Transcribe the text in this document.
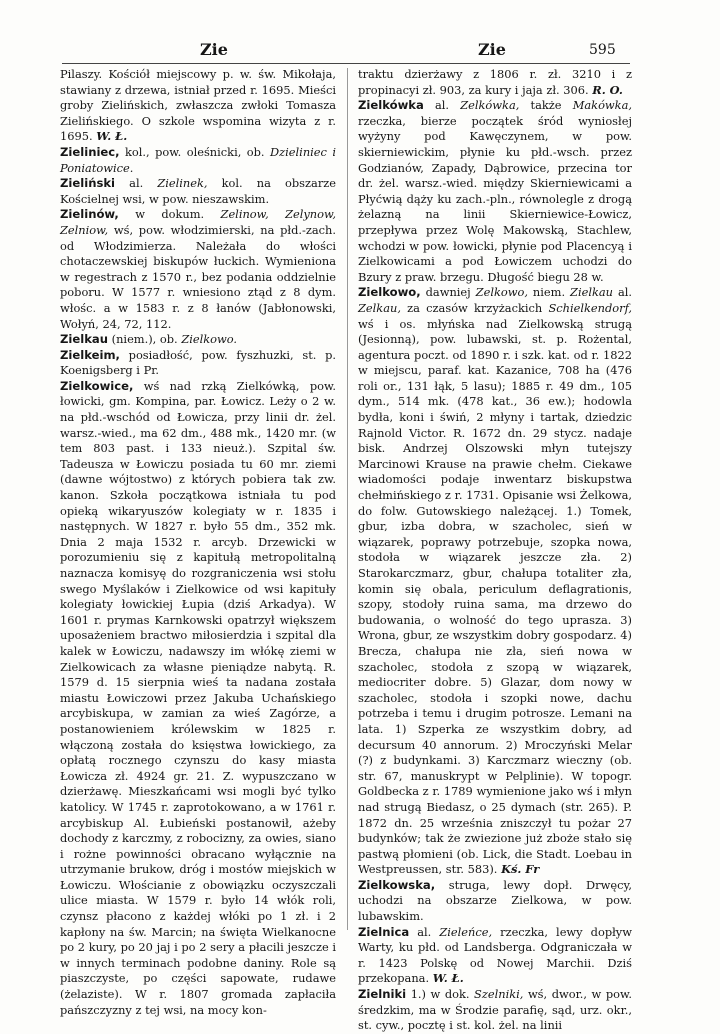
Zie	Zie	595

Pilaszy. Kościół miejscowy p. w. św. Mikołaja, stawiany z drzewa, istniał przed r. 1695. Mieści groby Zielińskich, zwłaszcza zwłoki Tomasza Zielińskiego. O szkole wspomina wizyta z r. 1695. W. Ł.

Zieliniec, kol., pow. oleśnicki, ob. Dzieliniec i Poniatowice.

Zieliński al. Zielinek, kol. na obszarze Kościelnej wsi, w pow. nieszawskim.

Zielinów, w dokum. Zelinow, Zelynow, Zelniow, wś, pow. włodzimierski, na płd.-zach. od Włodzimierza. Należała do włości chotaczewskiej biskupów łuckich. Wymieniona w regestrach z 1570 r., bez podania oddzielnie poboru. W 1577 r. wniesiono ztąd z 8 dym. włośc. a w 1583 r. z 8 łanów (Jabłonowski, Wołyń, 24, 72, 112.

Zielkau (niem.), ob. Zielkowo.

Zielkeim, posiadłość, pow. fyszhuzki, st. p. Koenigsberg i Pr.

Zielkowice, wś nad rzką Zielkówką, pow. łowicki, gm. Kompina, par. Łowicz. Leży o 2 w. na płd.-wschód od Łowicza, przy linii dr. żel. warsz.-wied., ma 62 dm., 488 mk., 1420 mr. (w tem 803 past. i 133 nieuż.). Szpital św. Tadeusza w Łowiczu posiada tu 60 mr. ziemi (dawne wójtostwo) z których pobiera tak zw. kanon. Szkoła początkowa istniała tu pod opieką wikaryuszów kolegiaty w r. 1835 i następnych. W 1827 r. było 55 dm., 352 mk. Dnia 2 maja 1532 r. arcyb. Drzewicki w porozumieniu się z kapitułą metropolitalną naznacza komisyę do rozgraniczenia wsi stołu swego Myślaków i Zielkowice od wsi kapituły kolegiaty łowickiej Łupia (dziś Arkadya). W 1601 r. prymas Karnkowski opatrzył większem uposażeniem bractwo miłosierdzia i szpital dla kalek w Łowiczu, nadawszy im włókę ziemi w Zielkowicach za własne pieniądze nabytą. R. 1579 d. 15 sierpnia wieś ta nadana została miastu Łowiczowi przez Jakuba Uchańskiego arcybiskupa, w zamian za wieś Zagórze, a postanowieniem królewskim w 1825 r. włączoną została do księstwa łowickiego, za opłatą rocznego czynszu do kasy miasta Łowicza zł. 4924 gr. 21. Z. wypuszczano w dzierżawę. Mieszkańcami wsi mogli być tylko katolicy. W 1745 r. zaprotokowano, a w 1761 r. arcybiskup Al. Łubieński postanowił, ażeby dochody z karczmy, z robocizny, za owies, siano i rożne powinności obracano wyłącznie na utrzymanie brukow, dróg i mostów miejskich w Łowiczu. Włościanie z obowiązku oczyszczali ulice miasta. W 1579 r. było 14 włók roli, czynsz płacono z każdej włóki po 1 zł. i 2 kapłony na św. Marcin; na święta Wielkanocne po 2 kury, po 20 jaj i po 2 sery a płacili jeszcze i w innych terminach podobne daniny. Role są piaszczyste, po części sapowate, rudawe (żelaziste). W r. 1807 gromada zapłaciła pańszczyzny z tej wsi, na mocy kon-

traktu dzierżawy z 1806 r. zł. 3210 i z propinacyi zł. 903, za kury i jaja zł. 306. R. O.

Zielkówka al. Zelkówka, także Makówka, rzeczka, bierze początek śród wyniosłej wyżyny pod Kawęczynem, w pow. skierniewickim, płynie ku płd.-wsch. przez Godzianów, Zapady, Dąbrowice, przecina tor dr. żel. warsz.-wied. między Skierniewicami a Płyćwią dąży ku zach.-pln., równolegle z drogą żelazną na linii Skierniewice-Łowicz, przepływa przez Wolę Makowską, Stachlew, wchodzi w pow. łowicki, płynie pod Placencyą i Zielkowicami a pod Łowiczem uchodzi do Bzury z praw. brzegu. Długość biegu 28 w.

Zielkowo, dawniej Zelkowo, niem. Zielkau al. Zelkau, za czasów krzyżackich Schielkendorf, wś i os. młyńska nad Zielkowską strugą (Jesionną), pow. lubawski, st. p. Rożental, agentura poczt. od 1890 r. i szk. kat. od r. 1822 w miejscu, paraf. kat. Kazanice, 708 ha (476 roli or., 131 łąk, 5 lasu); 1885 r. 49 dm., 105 dym., 514 mk. (478 kat., 36 ew.); hodowla bydła, koni i świń, 2 młyny i tartak, dziedzic Rajnold Victor. R. 1672 dn. 29 stycz. nadaje bisk. Andrzej Olszowski młyn tutejszy Marcinowi Krause na prawie chełm. Ciekawe wiadomości podaje inwentarz biskupstwa chełmińskiego z r. 1731. Opisanie wsi Żelkowa, do folw. Gutowskiego należącej. 1.) Tomek, gbur, izba dobra, w szacholec, sień w wiązarek, poprawy potrzebuje, szopka nowa, stodoła w wiązarek jeszcze zła. 2) Starokarczmarz, gbur, chałupa totaliter zła, komin się obala, periculum deflagrationis, szopy, stodoły ruina sama, ma drzewo do budowania, o wolność do tego uprasza. 3) Wrona, gbur, ze wszystkim dobry gospodarz. 4) Brecza, chałupa nie zła, sień nowa w szacholec, stodoła z szopą w wiązarek, mediocriter dobre. 5) Glazar, dom nowy w szacholec, stodoła i szopki nowe, dachu potrzeba i temu i drugim potrosze. Lemani na lata. 1) Szperka ze wszystkim dobry, ad decursum 40 annorum. 2) Mroczyński Melar (?) z budynkami. 3) Karczmarz wieczny (ob. str. 67, manuskrypt w Pelplinie). W topogr. Goldbecka z r. 1789 wymienione jako wś i młyn nad strugą Biedasz, o 25 dymach (str. 265). P. 1872 dn. 25 września zniszczył tu pożar 27 budynków; tak że zwiezione już zboże stało się pastwą płomieni (ob. Lick, die Stadt. Loebau in Westpreussen, str. 583). Kś. Fr

Zielkowska, struga, lewy dopł. Drwęcy, uchodzi na obszarze Zielkowa, w pow. lubawskim.

Zielnica al. Zieleńce, rzeczka, lewy dopływ Warty, ku płd. od Landsberga. Odgraniczała w r. 1423 Polskę od Nowej Marchii. Dziś przekopana. W. Ł.

Zielniki 1.) w dok. Szelniki, wś, dwor., w pow. średzkim, ma w Środzie parafię, sąd, urz. okr., st. cyw., pocztę i st. kol. żel. na linii
